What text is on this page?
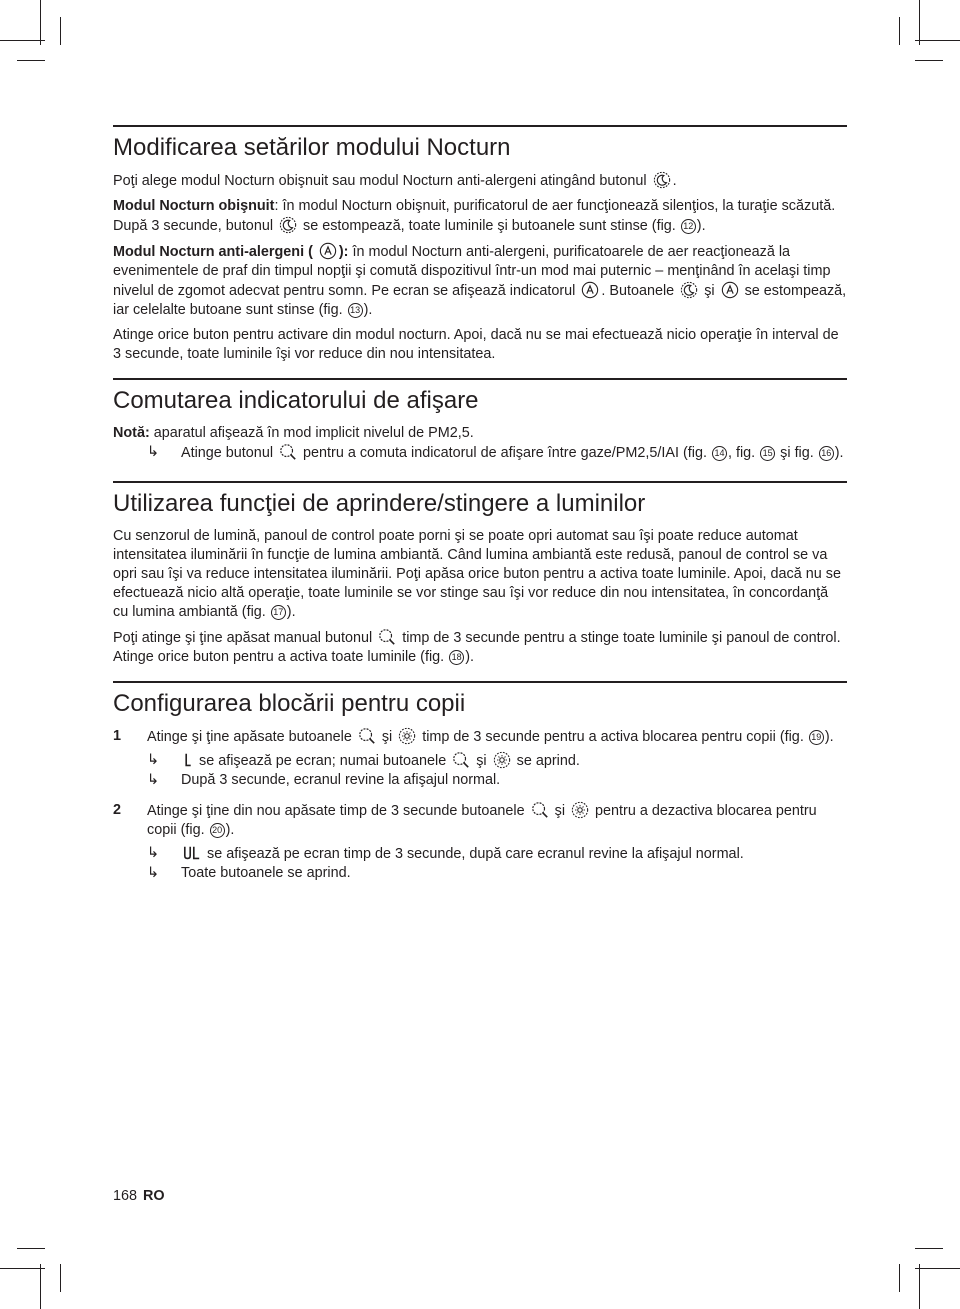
Modificarea setărilor modului Nocturn

Poţi alege modul Nocturn obişnuit sau modul Nocturn anti-alergeni atingând butonul .

Modul Nocturn obişnuit: în modul Nocturn obişnuit, purificatorul de aer funcţionează silenţios, la turaţie scăzută. După 3 secunde, butonul se estompează, toate luminile şi butoanele sunt stinse (fig. 12 ).

Modul Nocturn anti-alergeni ( ): în modul Nocturn anti-alergeni, purificatoarele de aer reacţionează la evenimentele de praf din timpul nopţii şi comută dispozitivul într-un mod mai puternic – menţinând în acelaşi timp nivelul de zgomot adecvat pentru somn. Pe ecran se afişează indicatorul . Butoanele şi se estompează, iar celelalte butoane sunt stinse (fig. 13 ).

Atinge orice buton pentru activare din modul nocturn. Apoi, dacă nu se mai efectuează nicio operaţie în interval de 3 secunde, toate luminile îşi vor reduce din nou intensitatea.

Comutarea indicatorului de afişare

Notă: aparatul afişează în mod implicit nivelul de PM2,5.

↳ Atinge butonul pentru a comuta indicatorul de afişare între gaze/PM2,5/IAI (fig. 14 , fig. 15 şi fig. 16 ).
Utilizarea funcţiei de aprindere/stingere a luminilor

Cu senzorul de lumină, panoul de control poate porni şi se poate opri automat sau îşi poate reduce automat intensitatea iluminării în funcţie de lumina ambiantă. Când lumina ambiantă este redusă, panoul de control se va opri sau îşi va reduce intensitatea iluminării. Poţi apăsa orice buton pentru a activa toate luminile. Apoi, dacă nu se efectuează nicio altă operaţie, toate luminile se vor stinge sau îşi vor reduce din nou intensitatea, în concordanţă cu lumina ambiantă (fig. 17 ).

Poţi atinge şi ţine apăsat manual butonul timp de 3 secunde pentru a stinge toate luminile şi panoul de control. Atinge orice buton pentru a activa toate luminile (fig. 18 ).

Configurarea blocării pentru copii
1 Atinge şi ţine apăsate butoanele şi timp de 3 secunde pentru a activa blocarea pentru copii (fig. 19 ).
↳	se afişează pe ecran; numai butoanele şi se aprind.
↳ După 3 secunde, ecranul revine la afişajul normal.
2 Atinge şi ţine din nou apăsate timp de 3 secunde butoanele şi pentru a dezactiva blocarea pentru copii (fig. 20 ).
↳	se afişează pe ecran timp de 3 secunde, după care ecranul revine la afişajul normal.
↳ Toate butoanele se aprind.
168 RO
